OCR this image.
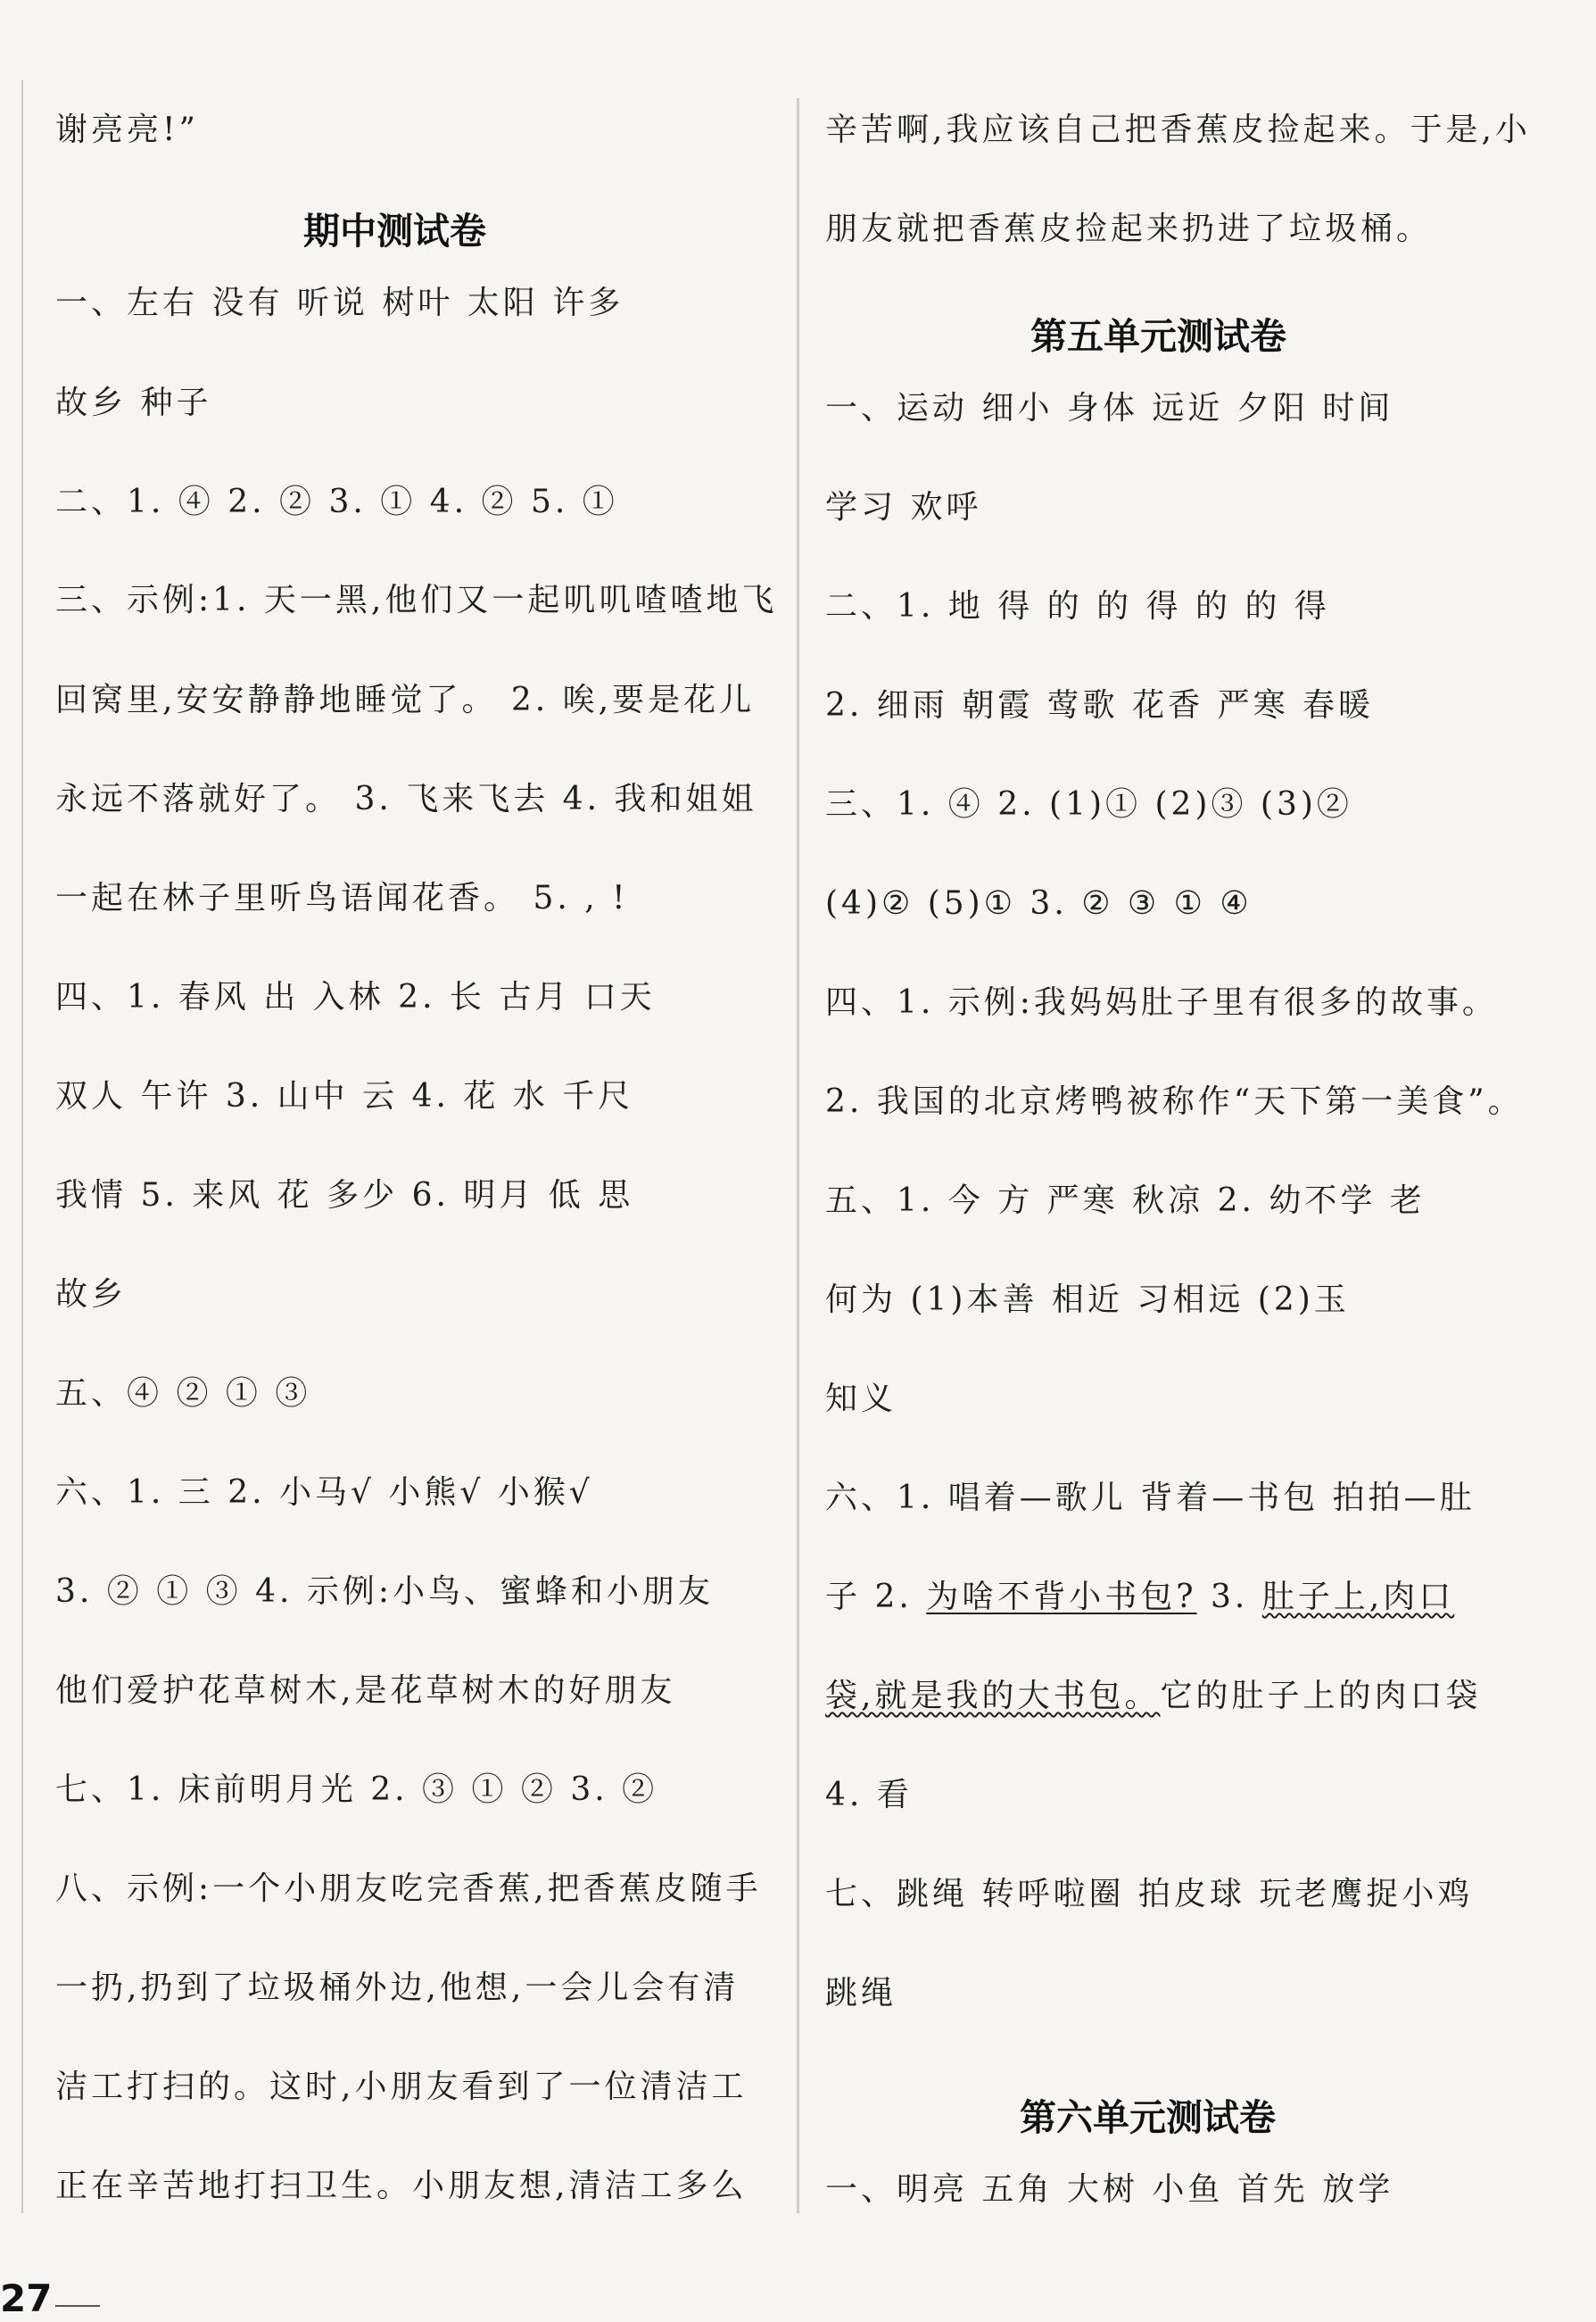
谢亮亮!”
期中测试卷
一、左右 没有 听说 树叶 太阳 许多
故乡 种子
二、1. ④ 2. ② 3. ① 4. ② 5. ①
三、示例:1. 天一黑,他们又一起叽叽喳喳地飞
回窝里,安安静静地睡觉了。 2. 唉,要是花儿
永远不落就好了。 3. 飞来飞去 4. 我和姐姐
一起在林子里听鸟语闻花香。 5. , !
四、1. 春风 出 入林 2. 长 古月 口天
双人 午许 3. 山中 云 4. 花 水 千尺
我情 5. 来风 花 多少 6. 明月 低 思
故乡
五、④ ② ① ③
六、1. 三 2. 小马√ 小熊√ 小猴√
3. ② ① ③ 4. 示例:小鸟、蜜蜂和小朋友
他们爱护花草树木,是花草树木的好朋友
七、1. 床前明月光 2. ③ ① ② 3. ②
八、示例:一个小朋友吃完香蕉,把香蕉皮随手
一扔,扔到了垃圾桶外边,他想,一会儿会有清
洁工打扫的。这时,小朋友看到了一位清洁工
正在辛苦地打扫卫生。小朋友想,清洁工多么
辛苦啊,我应该自己把香蕉皮捡起来。于是,小
朋友就把香蕉皮捡起来扔进了垃圾桶。
第五单元测试卷
一、运动 细小 身体 远近 夕阳 时间
学习 欢呼
二、1. 地 得 的 的 得 的 的 得
2. 细雨 朝霞 莺歌 花香 严寒 春暖
三、1. ④ 2. (1)① (2)③ (3)②
(4)② (5)① 3. ② ③ ① ④
四、1. 示例:我妈妈肚子里有很多的故事。
2. 我国的北京烤鸭被称作“天下第一美食”。
五、1. 今 方 严寒 秋凉 2. 幼不学 老
何为 (1)本善 相近 习相远 (2)玉
知义
六、1. 唱着—歌儿 背着—书包 拍拍—肚
子 2. 为啥不背小书包? 3. 肚子上,肉口
袋,就是我的大书包。它的肚子上的肉口袋
4. 看
七、跳绳 转呼啦圈 拍皮球 玩老鹰捉小鸡
跳绳
第六单元测试卷
一、明亮 五角 大树 小鱼 首先 放学
27
